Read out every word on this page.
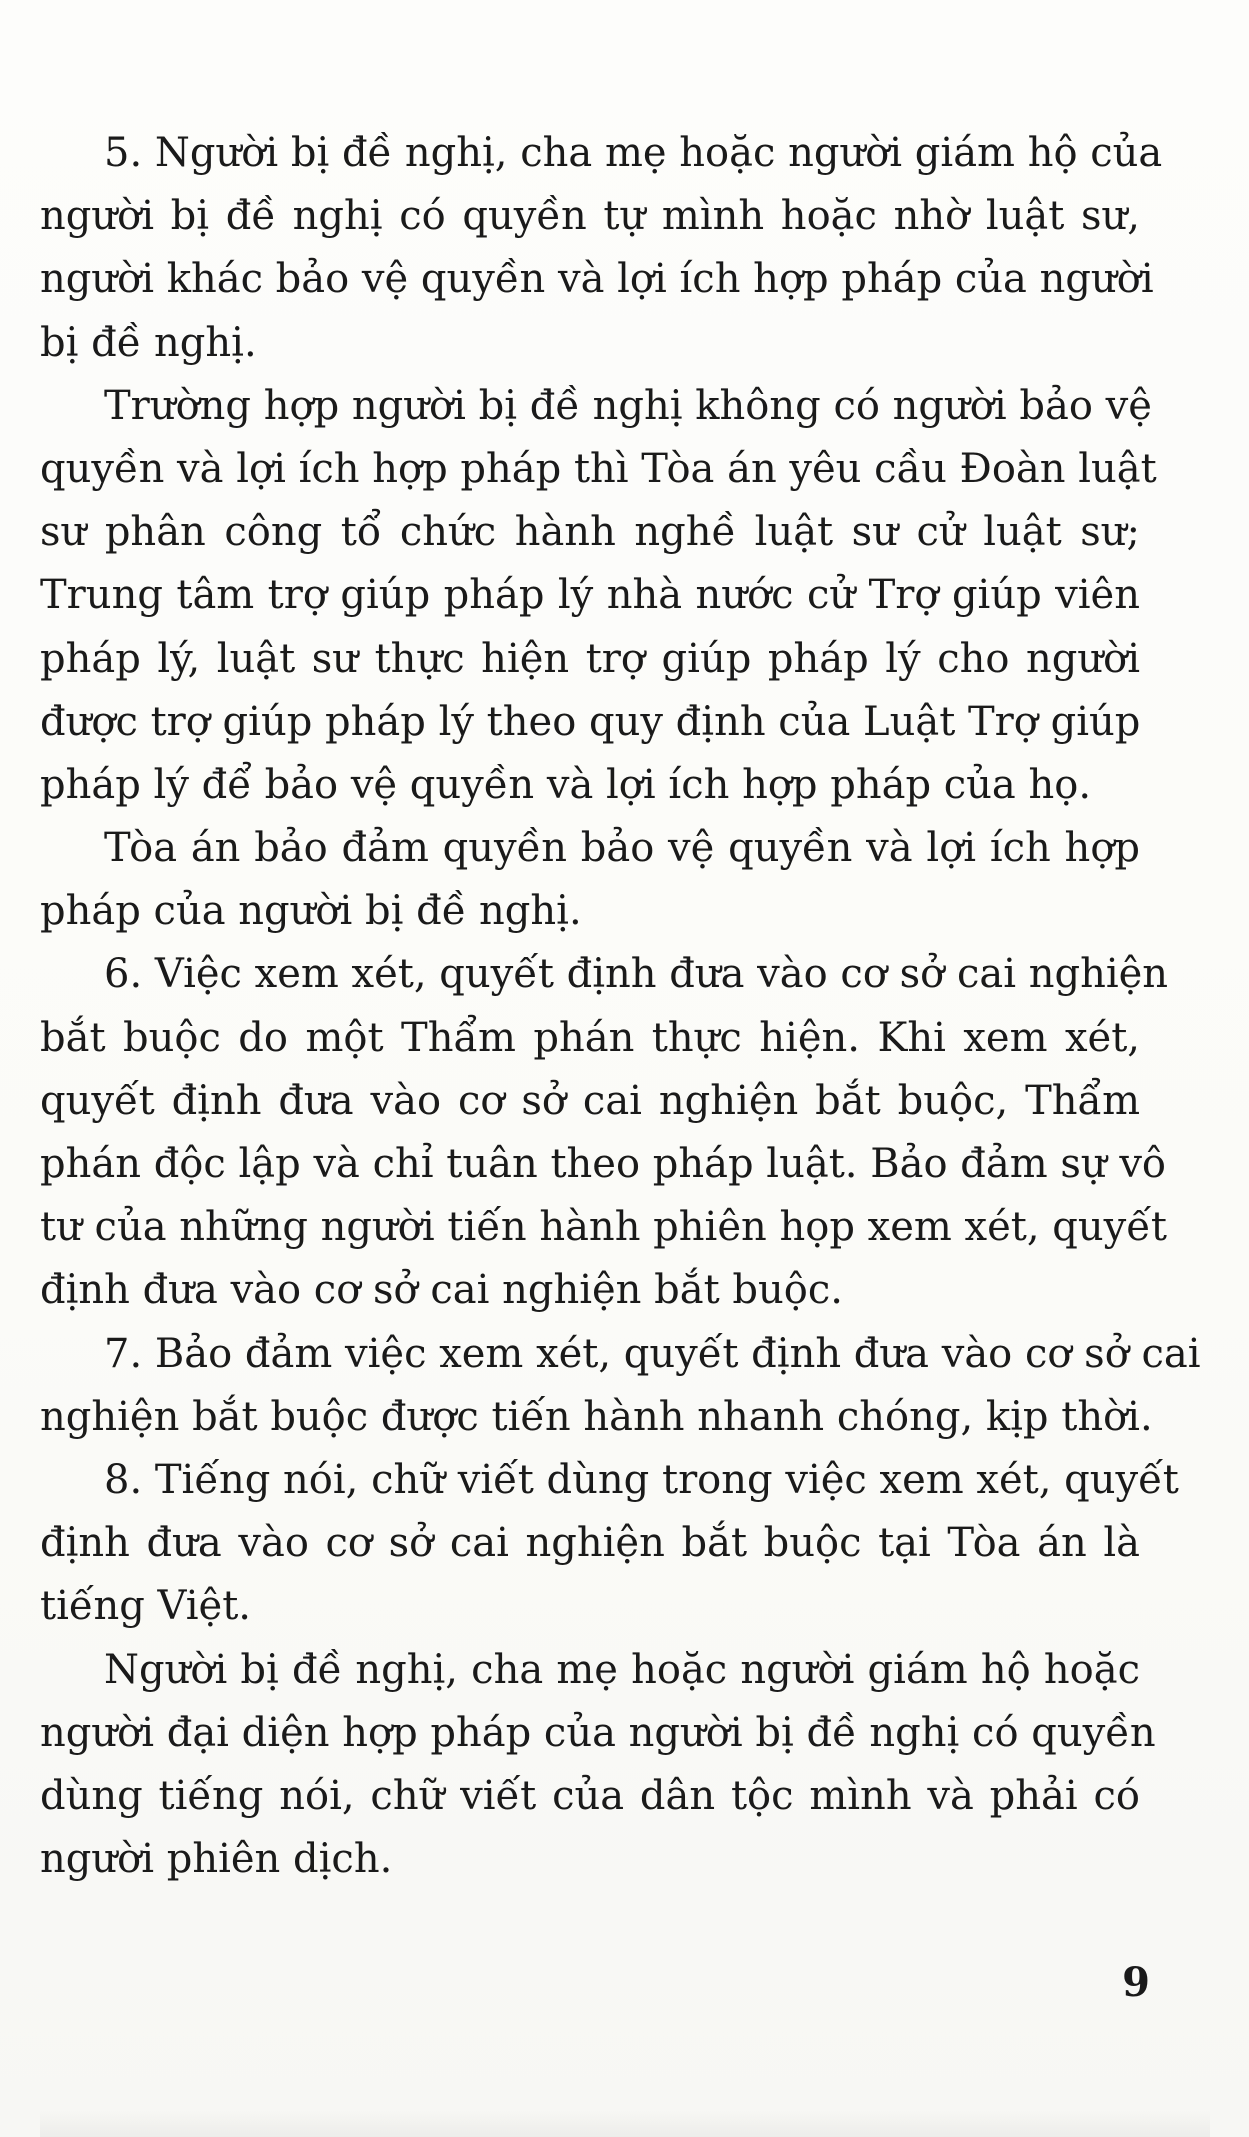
5. Người bị đề nghị, cha mẹ hoặc người giám hộ của
người bị đề nghị có quyền tự mình hoặc nhờ luật sư,
người khác bảo vệ quyền và lợi ích hợp pháp của người
bị đề nghị.
Trường hợp người bị đề nghị không có người bảo vệ
quyền và lợi ích hợp pháp thì Tòa án yêu cầu Đoàn luật
sư phân công tổ chức hành nghề luật sư cử luật sư;
Trung tâm trợ giúp pháp lý nhà nước cử Trợ giúp viên
pháp lý, luật sư thực hiện trợ giúp pháp lý cho người
được trợ giúp pháp lý theo quy định của Luật Trợ giúp
pháp lý để bảo vệ quyền và lợi ích hợp pháp của họ.
Tòa án bảo đảm quyền bảo vệ quyền và lợi ích hợp
pháp của người bị đề nghị.
6. Việc xem xét, quyết định đưa vào cơ sở cai nghiện
bắt buộc do một Thẩm phán thực hiện. Khi xem xét,
quyết định đưa vào cơ sở cai nghiện bắt buộc, Thẩm
phán độc lập và chỉ tuân theo pháp luật. Bảo đảm sự vô
tư của những người tiến hành phiên họp xem xét, quyết
định đưa vào cơ sở cai nghiện bắt buộc.
7. Bảo đảm việc xem xét, quyết định đưa vào cơ sở cai
nghiện bắt buộc được tiến hành nhanh chóng, kịp thời.
8. Tiếng nói, chữ viết dùng trong việc xem xét, quyết
định đưa vào cơ sở cai nghiện bắt buộc tại Tòa án là
tiếng Việt.
Người bị đề nghị, cha mẹ hoặc người giám hộ hoặc
người đại diện hợp pháp của người bị đề nghị có quyền
dùng tiếng nói, chữ viết của dân tộc mình và phải có
người phiên dịch.
9
